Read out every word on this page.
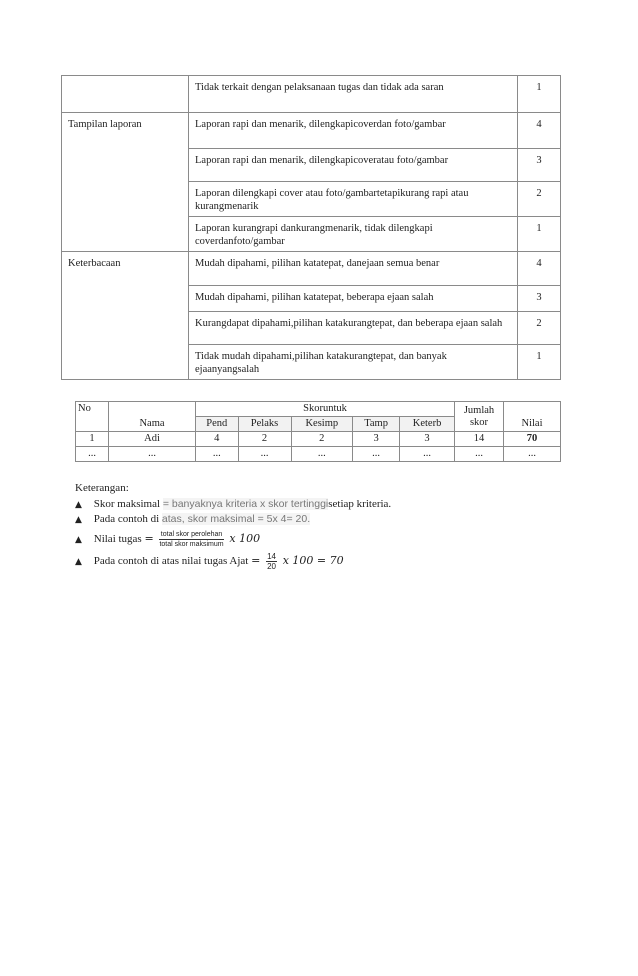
	Tidak terkait dengan pelaksanaan tugas dan tidak ada saran	1
Tampilan laporan	Laporan rapi dan menarik, dilengkapicoverdan foto/gambar	4
	Laporan rapi dan menarik, dilengkapicoveratau foto/gambar	3
	Laporan dilengkapi cover atau foto/gambartetapikurang rapi atau kurangmenarik	2
	Laporan kurangrapi dankurangmenarik, tidak dilengkapi coverdanfoto/gambar	1
Keterbacaan	Mudah dipahami, pilihan katatepat, danejaan semua benar	4
	Mudah dipahami, pilihan katatepat, beberapa ejaan salah	3
	Kurangdapat dipahami,pilihan katakurangtepat, dan beberapa ejaan salah	2
	Tidak mudah dipahami,pilihan katakurangtepat, dan banyak ejaanyangsalah	1
No	Nama	Skoruntuk					Jumlah skor	Nilai
		Pend	Pelaks	Kesimp	Tamp	Keterb		
1	Adi	4	2	2	3	3	14	70
...	...	...	...	...	...	...	...	...
Keterangan:
▲ Skor maksimal = banyaknya kriteria x skor tertinggisetiap kriteria.
▲ Pada contoh di atas, skor maksimal = 5x 4= 20.
▲ Nilai tugas = $\frac{\text{total skor perolehan}}{\text{total skor maksimum}}$ x 100
▲ Pada contoh di atas nilai tugas Ajat = $\frac{14}{20}$ x 100 = 70
